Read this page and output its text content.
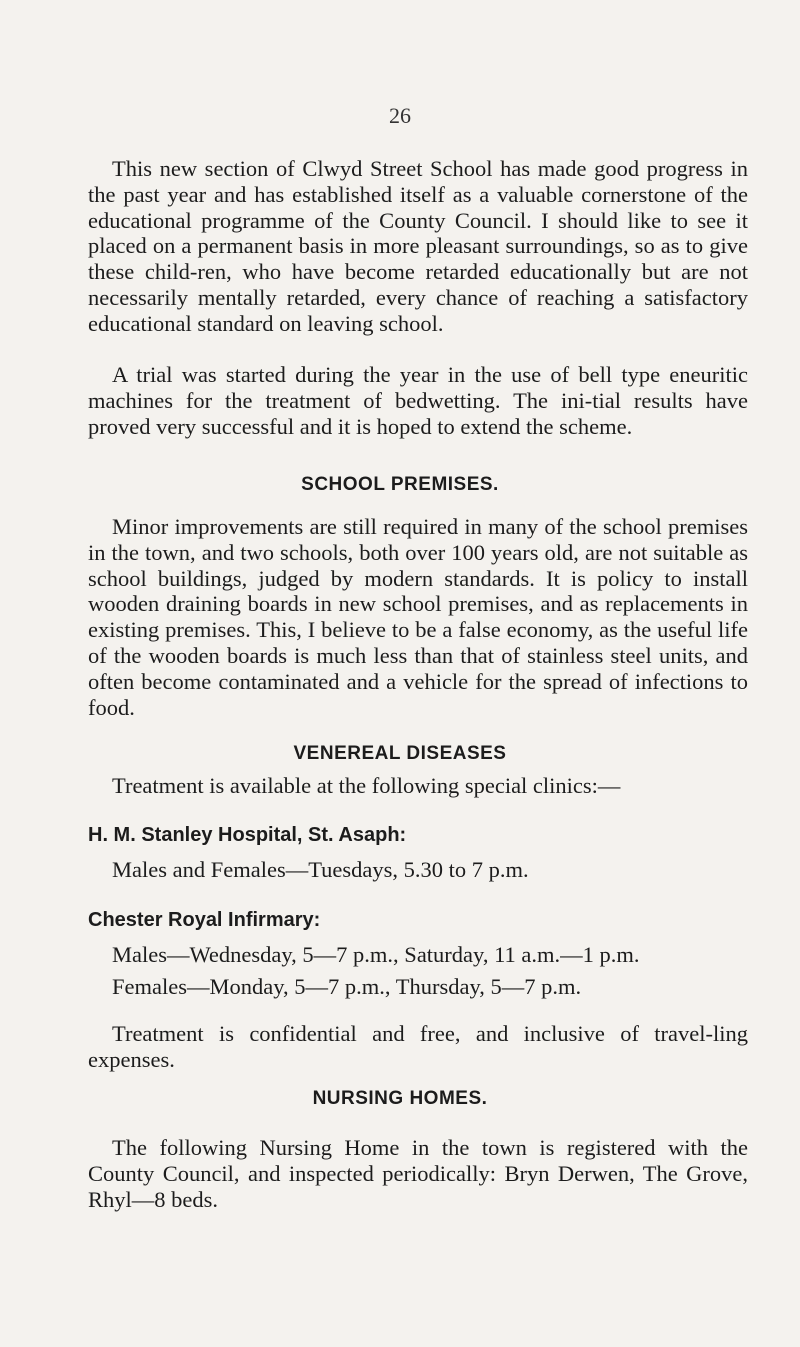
26

This new section of Clwyd Street School has made good progress in the past year and has established itself as a valuable cornerstone of the educational programme of the County Council. I should like to see it placed on a permanent basis in more pleasant surroundings, so as to give these child-ren, who have become retarded educationally but are not necessarily mentally retarded, every chance of reaching a satisfactory educational standard on leaving school.

A trial was started during the year in the use of bell type eneuritic machines for the treatment of bedwetting. The ini-tial results have proved very successful and it is hoped to extend the scheme.

SCHOOL PREMISES.

Minor improvements are still required in many of the school premises in the town, and two schools, both over 100 years old, are not suitable as school buildings, judged by modern standards. It is policy to install wooden draining boards in new school premises, and as replacements in existing premises. This, I believe to be a false economy, as the useful life of the wooden boards is much less than that of stainless steel units, and often become contaminated and a vehicle for the spread of infections to food.

VENEREAL DISEASES

Treatment is available at the following special clinics:—

H. M. Stanley Hospital, St. Asaph:

Males and Females—Tuesdays, 5.30 to 7 p.m.

Chester Royal Infirmary:

Males—Wednesday, 5—7 p.m., Saturday, 11 a.m.—1 p.m.

Females—Monday, 5—7 p.m., Thursday, 5—7 p.m.

Treatment is confidential and free, and inclusive of travel-ling expenses.

NURSING HOMES.

The following Nursing Home in the town is registered with the County Council, and inspected periodically: Bryn Derwen, The Grove, Rhyl—8 beds.
